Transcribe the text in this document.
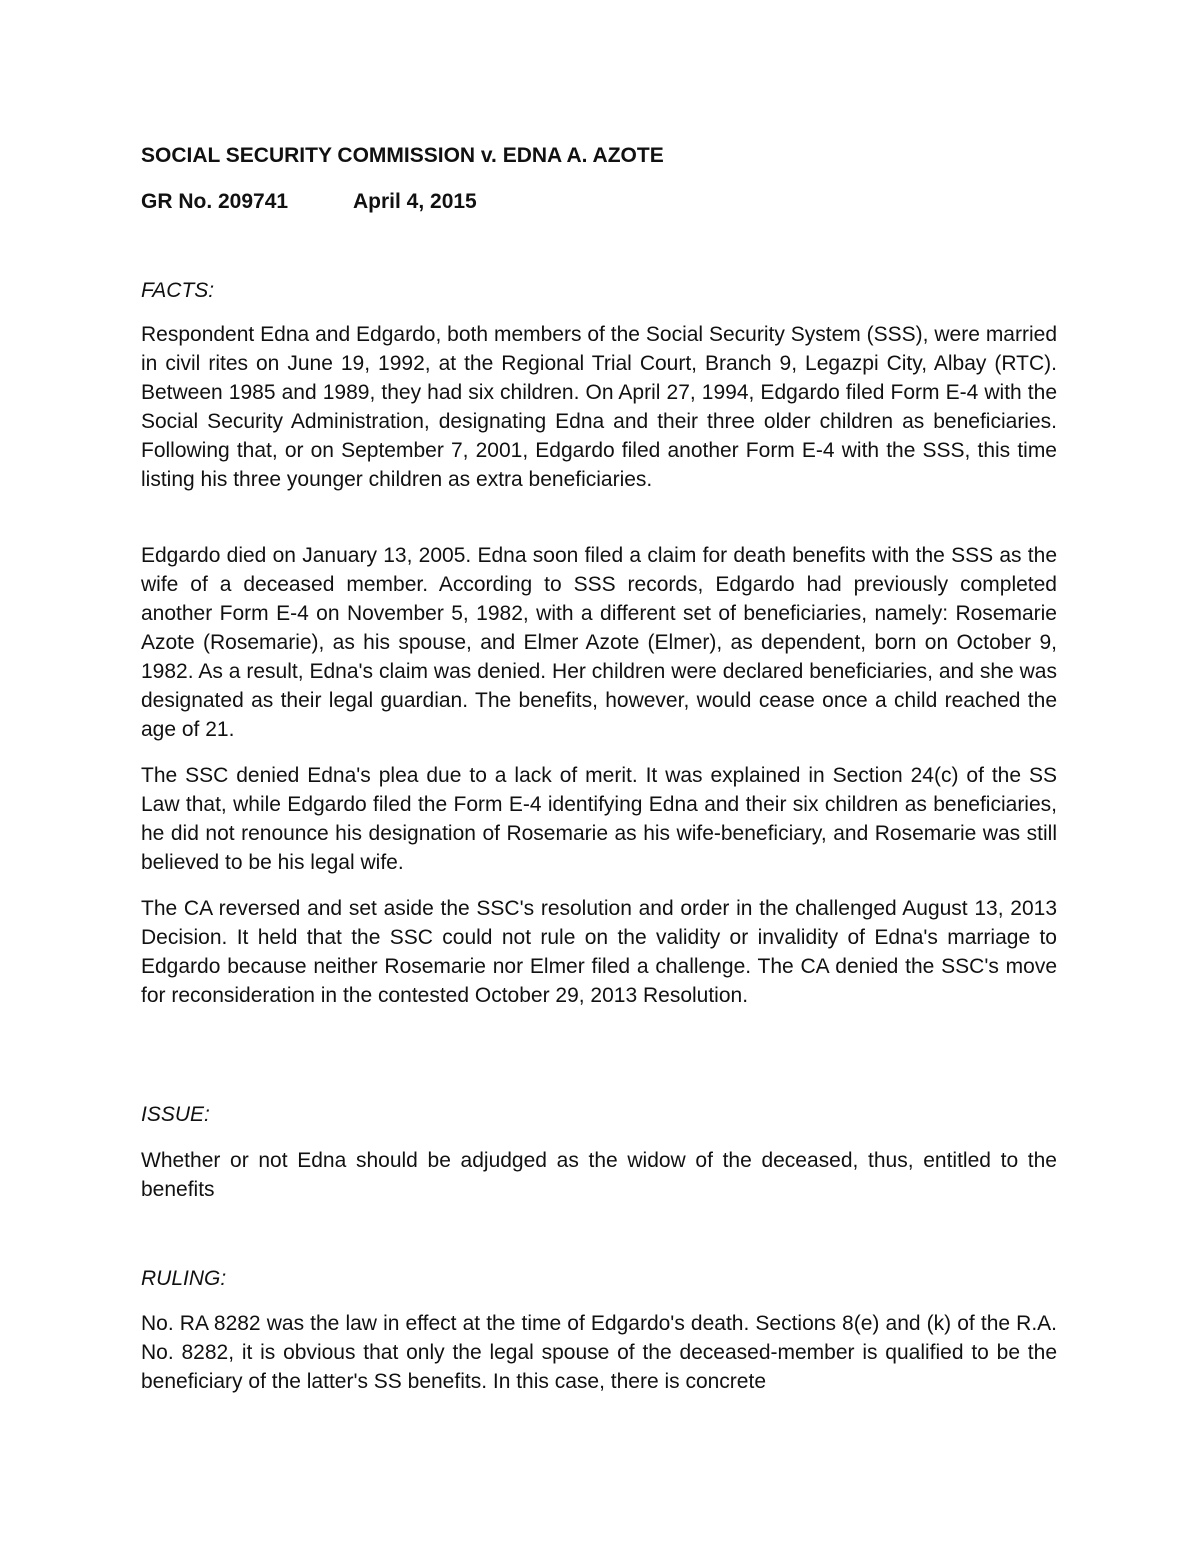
SOCIAL SECURITY COMMISSION v. EDNA A. AZOTE
GR No. 209741	April 4, 2015
FACTS:
Respondent Edna and Edgardo, both members of the Social Security System (SSS), were married in civil rites on June 19, 1992, at the Regional Trial Court, Branch 9, Legazpi City, Albay (RTC). Between 1985 and 1989, they had six children. On April 27, 1994, Edgardo filed Form E-4 with the Social Security Administration, designating Edna and their three older children as beneficiaries. Following that, or on September 7, 2001, Edgardo filed another Form E-4 with the SSS, this time listing his three younger children as extra beneficiaries.
Edgardo died on January 13, 2005. Edna soon filed a claim for death benefits with the SSS as the wife of a deceased member. According to SSS records, Edgardo had previously completed another Form E-4 on November 5, 1982, with a different set of beneficiaries, namely: Rosemarie Azote (Rosemarie), as his spouse, and Elmer Azote (Elmer), as dependent, born on October 9, 1982. As a result, Edna's claim was denied. Her children were declared beneficiaries, and she was designated as their legal guardian. The benefits, however, would cease once a child reached the age of 21.
The SSC denied Edna's plea due to a lack of merit. It was explained in Section 24(c) of the SS Law that, while Edgardo filed the Form E-4 identifying Edna and their six children as beneficiaries, he did not renounce his designation of Rosemarie as his wife-beneficiary, and Rosemarie was still believed to be his legal wife.
The CA reversed and set aside the SSC's resolution and order in the challenged August 13, 2013 Decision. It held that the SSC could not rule on the validity or invalidity of Edna's marriage to Edgardo because neither Rosemarie nor Elmer filed a challenge. The CA denied the SSC's move for reconsideration in the contested October 29, 2013 Resolution.
ISSUE:
Whether or not Edna should be adjudged as the widow of the deceased, thus, entitled to the benefits
RULING:
No. RA 8282 was the law in effect at the time of Edgardo's death. Sections 8(e) and (k) of the R.A. No. 8282, it is obvious that only the legal spouse of the deceased-member is qualified to be the beneficiary of the latter's SS benefits. In this case, there is concrete
